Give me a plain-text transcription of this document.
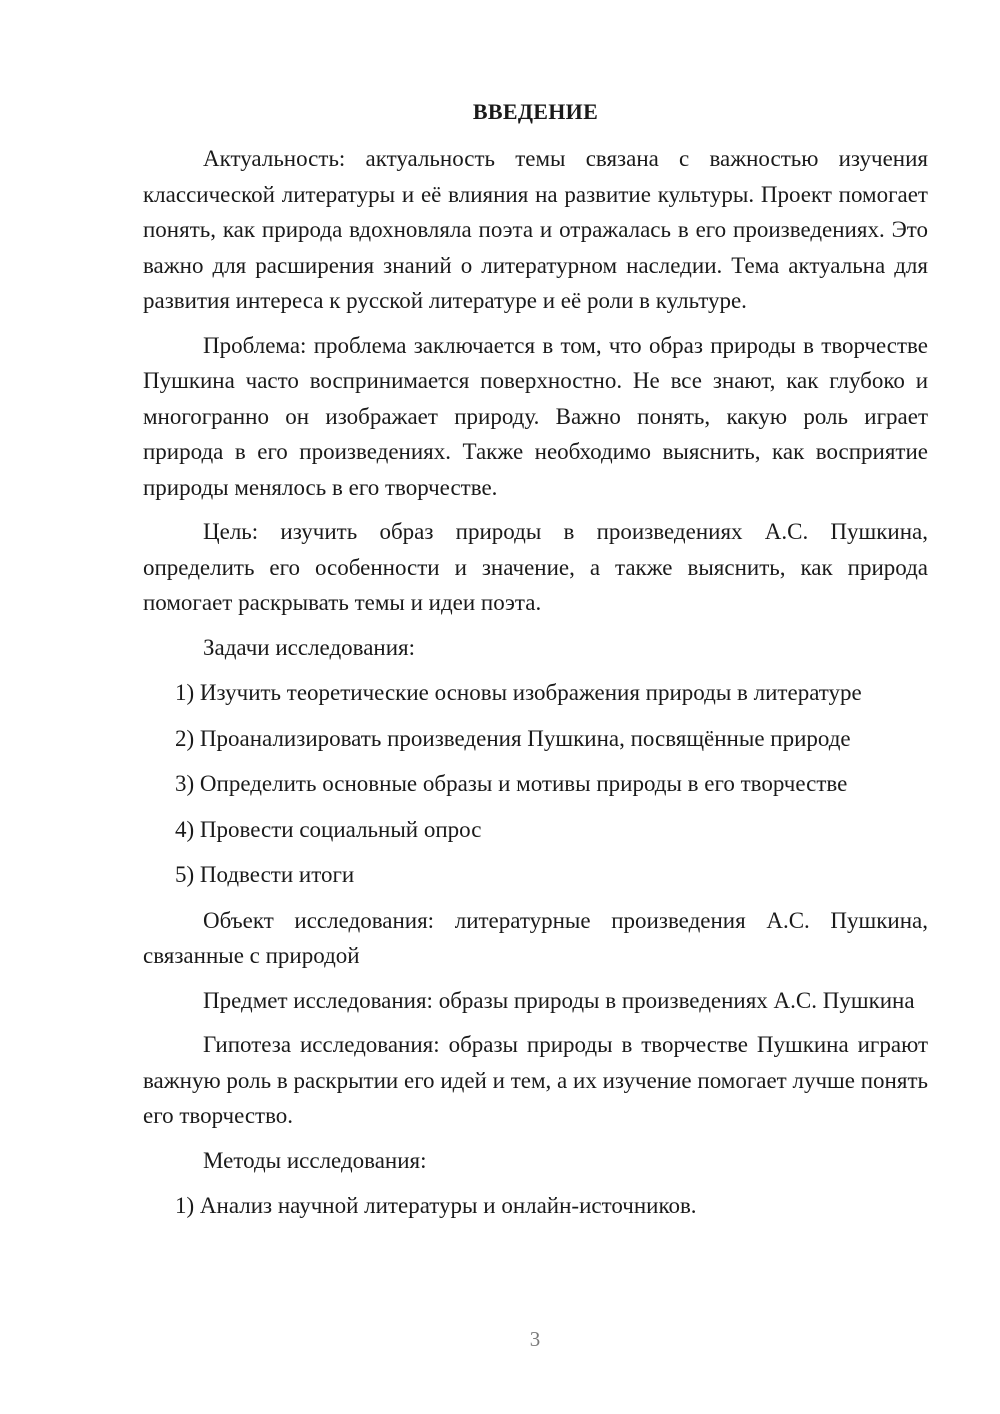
ВВЕДЕНИЕ

Актуальность: актуальность темы связана с важностью изучения классической литературы и её влияния на развитие культуры. Проект помогает понять, как природа вдохновляла поэта и отражалась в его произведениях. Это важно для расширения знаний о литературном наследии. Тема актуальна для развития интереса к русской литературе и её роли в культуре.

Проблема: проблема заключается в том, что образ природы в творчестве Пушкина часто воспринимается поверхностно. Не все знают, как глубоко и многогранно он изображает природу. Важно понять, какую роль играет природа в его произведениях. Также необходимо выяснить, как восприятие природы менялось в его творчестве.

Цель: изучить образ природы в произведениях А.С. Пушкина, определить его особенности и значение, а также выяснить, как природа помогает раскрывать темы и идеи поэта.

Задачи исследования:
1) Изучить теоретические основы изображения природы в литературе
2) Проанализировать произведения Пушкина, посвящённые природе
3) Определить основные образы и мотивы природы в его творчестве
4) Провести социальный опрос
5) Подвести итоги

Объект исследования: литературные произведения А.С. Пушкина, связанные с природой

Предмет исследования: образы природы в произведениях А.С. Пушкина

Гипотеза исследования: образы природы в творчестве Пушкина играют важную роль в раскрытии его идей и тем, а их изучение помогает лучше понять его творчество.

Методы исследования:
1) Анализ научной литературы и онлайн-источников.
3
